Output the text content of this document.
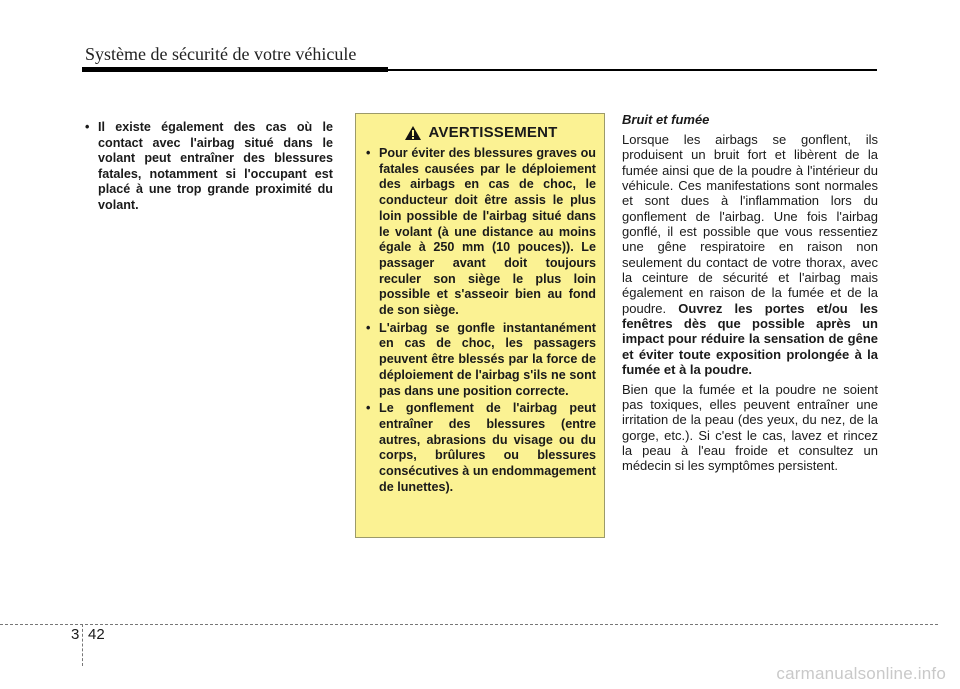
Système de sécurité de votre véhicule
• Il existe également des cas où le contact avec l'airbag situé dans le volant peut entraîner des blessures fatales, notamment si l'occupant est placé à une trop grande proximité du volant.
AVERTISSEMENT
• Pour éviter des blessures graves ou fatales causées par le déploiement des airbags en cas de choc, le conducteur doit être assis le plus loin possible de l'airbag situé dans le volant (à une distance au moins égale à 250 mm (10 pouces)). Le passager avant doit toujours reculer son siège le plus loin possible et s'asseoir bien au fond de son siège.
• L'airbag se gonfle instantanément en cas de choc, les passagers peuvent être blessés par la force de déploiement de l'airbag s'ils ne sont pas dans une position correcte.
• Le gonflement de l'airbag peut entraîner des blessures (entre autres, abrasions du visage ou du corps, brûlures ou blessures consécutives à un endommagement de lunettes).
Bruit et fumée

Lorsque les airbags se gonflent, ils produisent un bruit fort et libèrent de la fumée ainsi que de la poudre à l'intérieur du véhicule. Ces manifestations sont normales et sont dues à l'inflammation lors du gonflement de l'airbag. Une fois l'airbag gonflé, il est possible que vous ressentiez une gêne respiratoire en raison non seulement du contact de votre thorax, avec la ceinture de sécurité et l'airbag mais également en raison de la fumée et de la poudre. Ouvrez les portes et/ou les fenêtres dès que possible après un impact pour réduire la sensation de gêne et éviter toute exposition prolongée à la fumée et à la poudre.

Bien que la fumée et la poudre ne soient pas toxiques, elles peuvent entraîner une irritation de la peau (des yeux, du nez, de la gorge, etc.). Si c'est le cas, lavez et rincez la peau à l'eau froide et consultez un médecin si les symptômes persistent.

3 42
carmanualsonline.info
